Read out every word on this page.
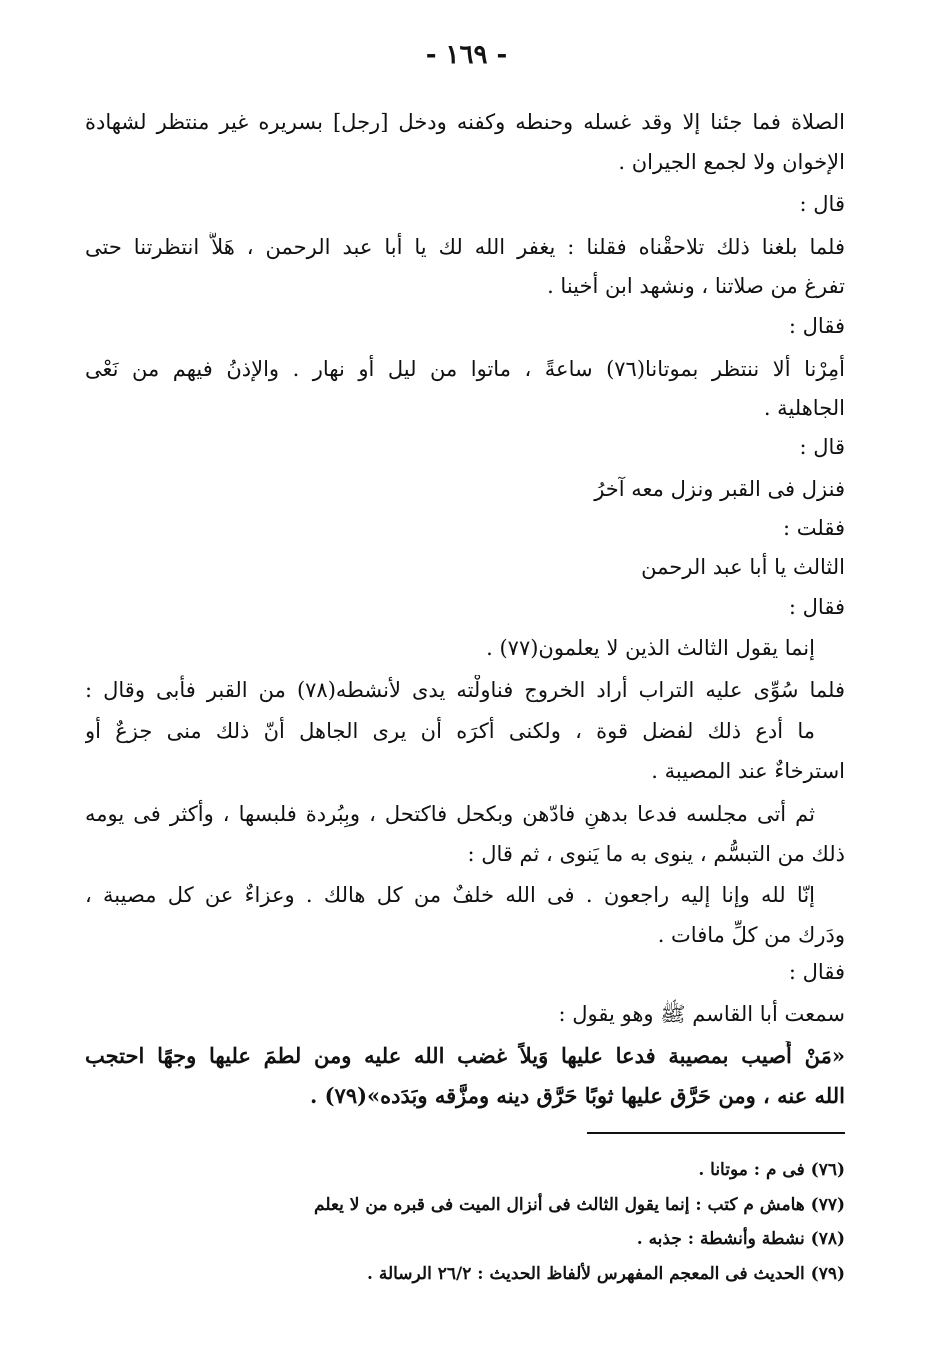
- ١٦٩ -
الصلاة فما جئنا إلا وقد غسله وحنطه وكفنه ودخل [رجل] بسريره غير منتظر لشهادة
الإخوان ولا لجمع الجيران .
قال :
فلما بلغنا ذلك تلاحقْناه فقلنا : يغفر الله لك يا أبا عبد الرحمن ، هَلاَّ انتظرتنا حتى
تفرغ من صلاتنا ، ونشهد ابن أخينا .
فقال :
أمِرْنا ألا ننتظر بموتانا(٧٦) ساعةً ، ماتوا من ليل أو نهار . والإذنُ فيهم من نَعْى
الجاهلية .
قال :
فنزل فى القبر ونزل معه آخرُ
فقلت :
الثالث يا أبا عبد الرحمن
فقال :
إنما يقول الثالث الذين لا يعلمون(٧٧) .
فلما سُوِّى عليه التراب أراد الخروج فناولْته يدى لأنشطه(٧٨) من القبر فأبى وقال :
ما أدع ذلك لفضل قوة ، ولكنى أكرَه أن يرى الجاهل أنّ ذلك منى جزعٌ أو
استرخاءٌ عند المصيبة .
ثم أتى مجلسه فدعا بدهنٍ فادّهن وبكحل فاكتحل ، وبِبُردة فلبسها ، وأكثر فى يومه
ذلك من التبسُّم ، ينوى به ما يَنوى ، ثم قال :
إنّا لله وإنا إليه راجعون . فى الله خلفٌ من كل هالك . وعزاءٌ عن كل مصيبة ،
ودَرك من كلِّ مافات .
فقال :
سمعت أبا القاسم ﷺ وهو يقول :
«مَنْ أُصيب بمصيبة فدعا عليها وَيلاً غضب الله عليه ومن لطمَ عليها وجهًا احتجب
الله عنه ، ومن حَرَّق عليها ثوبًا حَرَّق دينه ومزَّقه وبَدَده»(٧٩) .
(٧٦) فى م : موتانا .
(٧٧) هامش م كتب : إنما يقول الثالث فى أنزال الميت فى قبره من لا يعلم
(٧٨) نشطة وأنشطة : جذبه .
(٧٩) الحديث فى المعجم المفهرس لألفاظ الحديث : ٢٦/٢ الرسالة .
